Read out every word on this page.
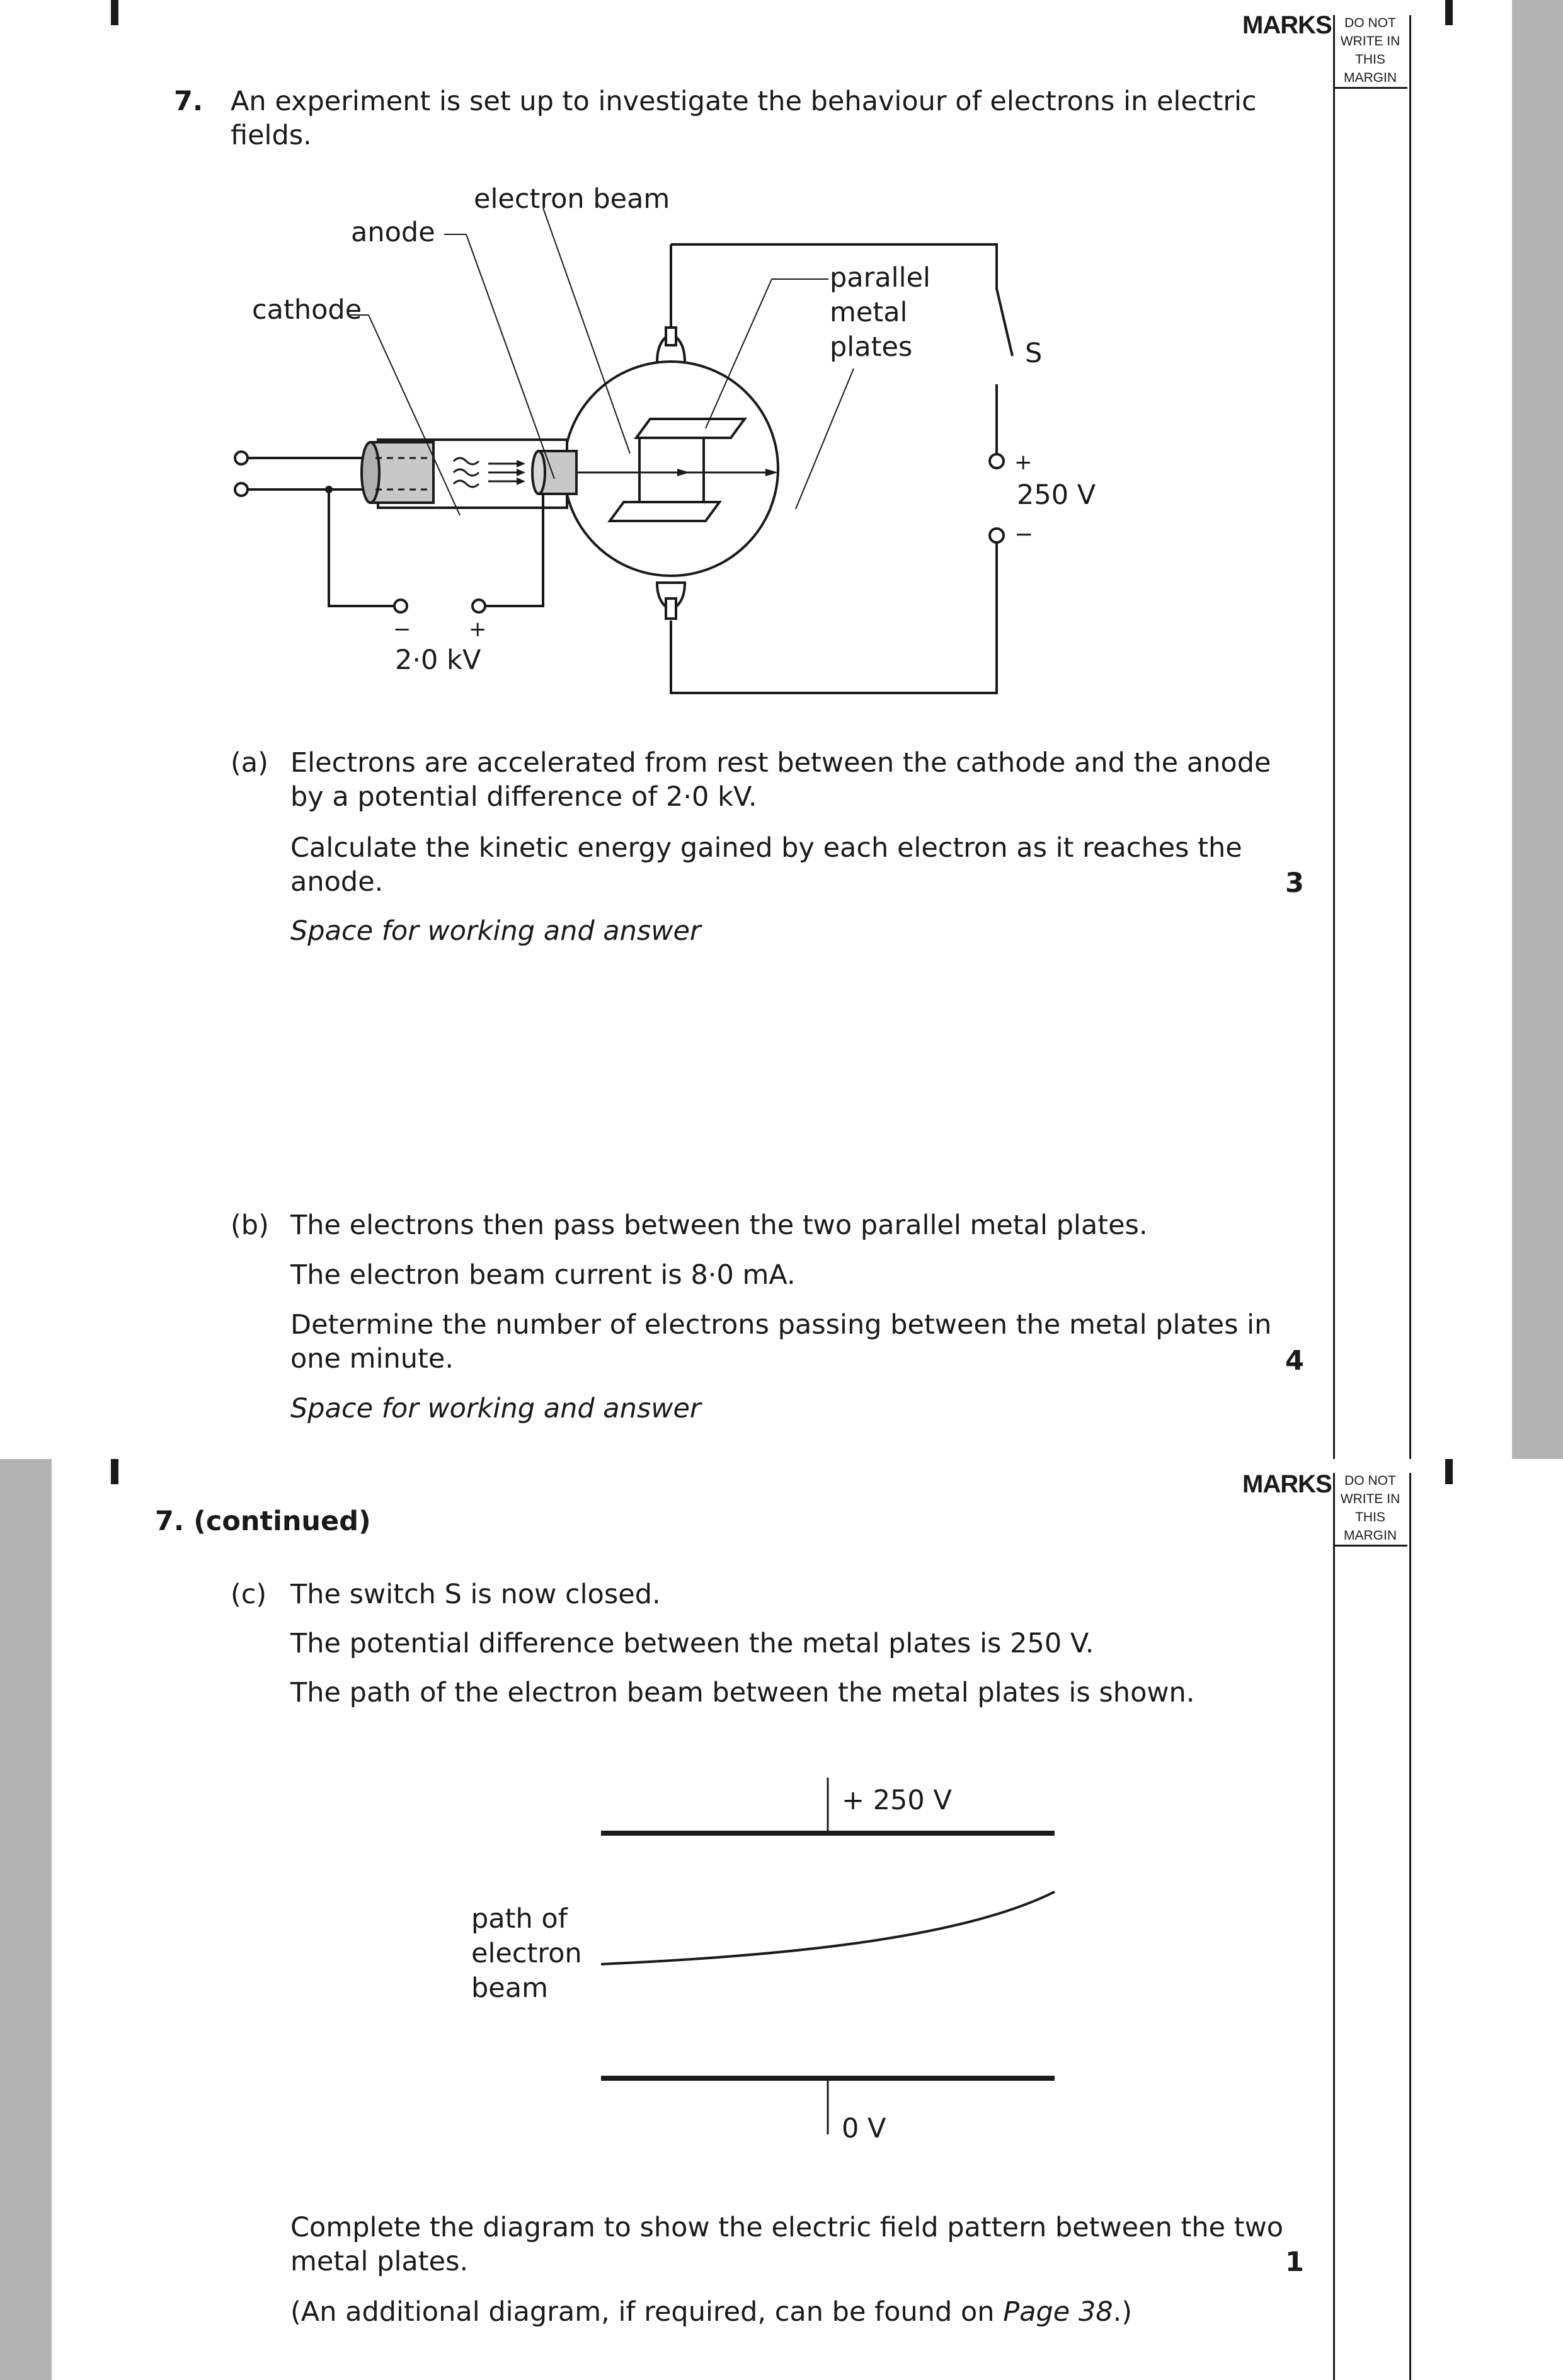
MARKS DO NOT
WRITE IN
THIS
MARGIN
7. An experiment is set up to investigate the behaviour of electrons in electric
fields.
electron beam
anode
cathode
parallel
metal
plates	S
+
250 V
−
−	+
2·0 kV
(a) Electrons are accelerated from rest between the cathode and the anode
by a potential difference of 2·0 kV.
Calculate the kinetic energy gained by each electron as it reaches the
anode.	3
Space for working and answer
(b) The electrons then pass between the two parallel metal plates.
The electron beam current is 8·0 mA.
Determine the number of electrons passing between the metal plates in
one minute.	4
Space for working and answer
MARKS DO NOT
WRITE IN
THIS
MARGIN
7. (continued)
(c) The switch S is now closed.
The potential difference between the metal plates is 250 V.
The path of the electron beam between the metal plates is shown.
+ 250 V
0 V
path of
electron
beam
Complete the diagram to show the electric field pattern between the two
metal plates.	1
(An additional diagram, if required, can be found on Page 38.)
